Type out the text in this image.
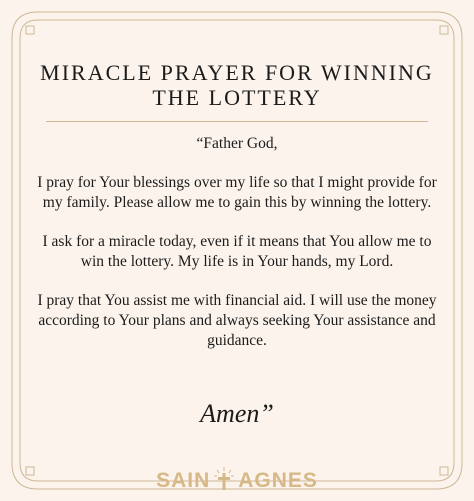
MIRACLE PRAYER FOR WINNING
THE LOTTERY

“Father God,

I pray for Your blessings over my life so that I might provide for my family. Please allow me to gain this by winning the lottery.

I ask for a miracle today, even if it means that You allow me to win the lottery. My life is in Your hands, my Lord.

I pray that You assist me with financial aid. I will use the money according to Your plans and always seeking Your assistance and guidance.

Amen”
SAIN AGNES
